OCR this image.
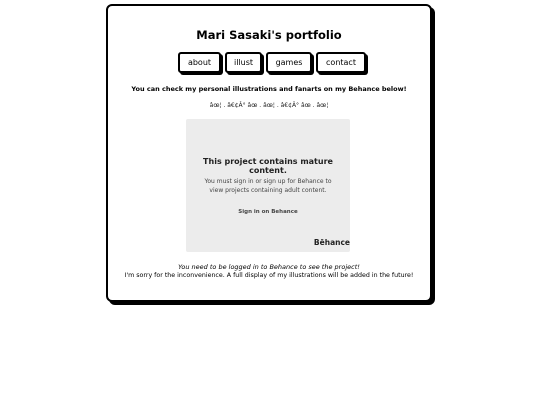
Mari Sasaki's portfolio
about	illust	games	contact
You can check my personal illustrations and fanarts on my Behance below!
âœ¦ . â€¢Â° âœ . âœ¦ . â€¢Â° âœ . âœ¦
This project contains mature content.
You must sign in or sign up for Behance to view projects containing adult content.
Sign in on Behance
Bēhance
You need to be logged in to Behance to see the project!
I'm sorry for the inconvenience. A full display of my illustrations will be added in the future!
